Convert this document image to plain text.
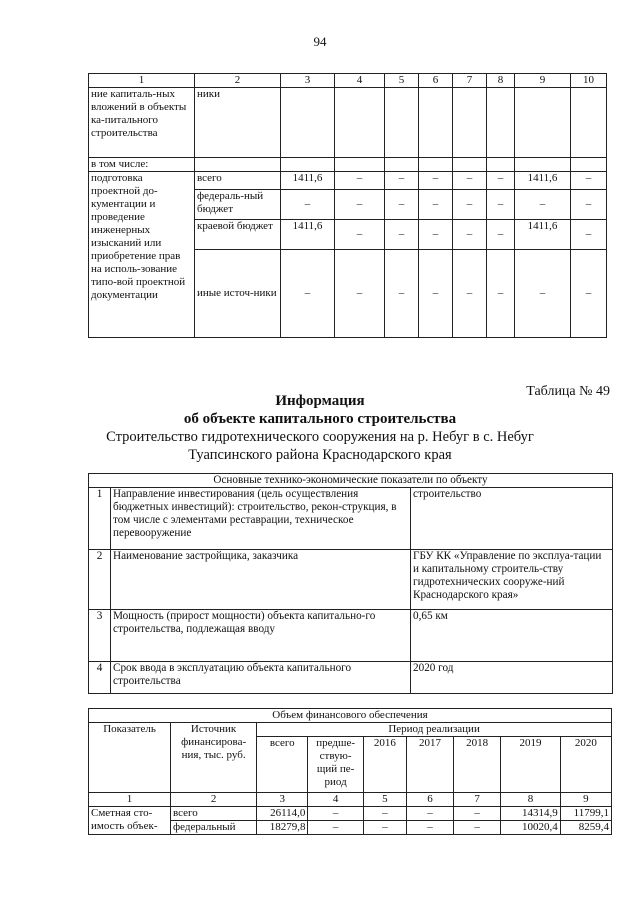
94
1	2	3	4	5	6	7	8	9	10
ние капиталь-ных вложений в объекты ка-питального строительства	ники								
в том числе:									
подготовка проектной до-кументации и проведение инженерных изысканий или приобретение прав на исполь-зование типо-вой проектной документации	всего	1411,6	–	–	–	–	–	1411,6	–
	федераль-ный бюджет	–	–	–	–	–	–	–	–
	краевой бюджет	1411,6	–	–	–	–	–	1411,6	–
	иные источ-ники	–	–	–	–	–	–	–	–
Таблица № 49
Информация
об объекте капитального строительства
Строительство гидротехнического сооружения на р. Небуг в с. Небуг
Туапсинского района Краснодарского края
Основные технико-экономические показатели по объекту		
1	Направление инвестирования (цель осуществления бюджетных инвестиций): строительство, рекон-струкция, в том числе с элементами реставрации, техническое перевооружение	строительство
2	Наименование застройщика, заказчика	ГБУ КК «Управление по эксплуа-тации и капитальному строитель-ству гидротехнических сооруже-ний Краснодарского края»
3	Мощность (прирост мощности) объекта капитально-го строительства, подлежащая вводу	0,65 км
4	Срок ввода в эксплуатацию объекта капитального строительства	2020 год
Объем финансового обеспечения								
Показатель	Источник финансирова-ния, тыс. руб.	Период реализации						
		всего	предше-ствую-щий пе-риод	2016	2017	2018	2019	2020
1	2	3	4	5	6	7	8	9
Сметная сто-имость объек-	всего	26114,0	–	–	–	–	14314,9	11799,1
	федеральный	18279,8	–	–	–	–	10020,4	8259,4
